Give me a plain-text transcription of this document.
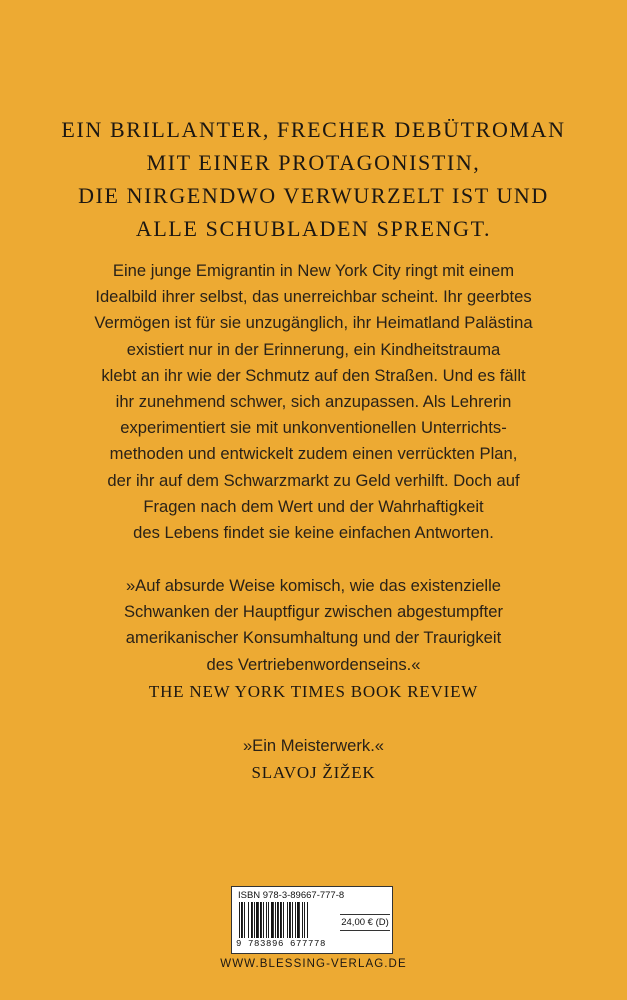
EIN BRILLANTER, FRECHER DEBÜTROMAN
MIT EINER PROTAGONISTIN,
DIE NIRGENDWO VERWURZELT IST UND
ALLE SCHUBLADEN SPRENGT.
Eine junge Emigrantin in New York City ringt mit einem
Idealbild ihrer selbst, das unerreichbar scheint. Ihr geerbtes
Vermögen ist für sie unzugänglich, ihr Heimatland Palästina
existiert nur in der Erinnerung, ein Kindheitstrauma
klebt an ihr wie der Schmutz auf den Straßen. Und es fällt
ihr zunehmend schwer, sich anzupassen. Als Lehrerin
experimentiert sie mit unkonventionellen Unterrichts-
methoden und entwickelt zudem einen verrückten Plan,
der ihr auf dem Schwarzmarkt zu Geld verhilft. Doch auf
Fragen nach dem Wert und der Wahrhaftigkeit
des Lebens findet sie keine einfachen Antworten.
»Auf absurde Weise komisch, wie das existenzielle
Schwanken der Hauptfigur zwischen abgestumpfter
amerikanischer Konsumhaltung und der Traurigkeit
des Vertriebenwordenseins.«
THE NEW YORK TIMES BOOK REVIEW
»Ein Meisterwerk.«
SLAVOJ ŽIŽEK
ISBN 978-3-89667-777-8
9 783896 677778
24,00 € (D)
WWW.BLESSING-VERLAG.DE
